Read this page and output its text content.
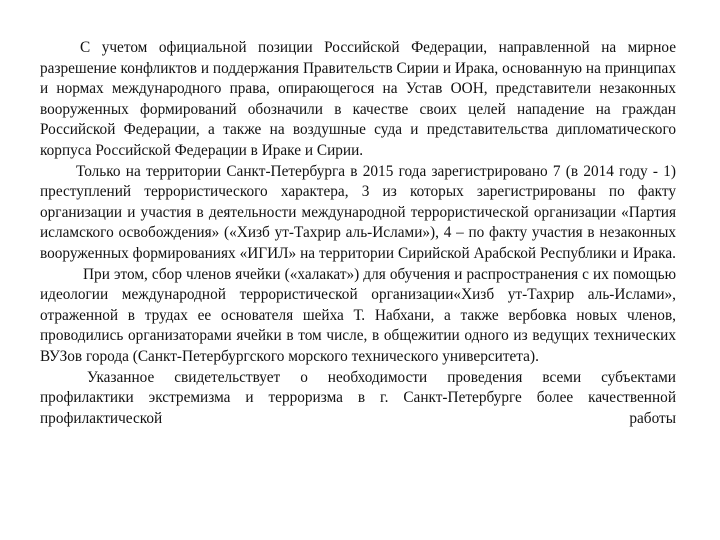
С учетом официальной позиции Российской Федерации, направленной на мирное разрешение конфликтов и поддержания Правительств Сирии и Ирака, основанную на принципах и нормах международного права, опирающегося на Устав ООН, представители незаконных вооруженных формирований обозначили в качестве своих целей нападение на граждан Российской Федерации, а также на воздушные суда и представительства дипломатического корпуса Российской Федерации в Ираке и Сирии.

Только на территории Санкт-Петербурга в 2015 года зарегистрировано 7 (в 2014 году - 1) преступлений террористического характера, 3 из которых зарегистрированы по факту организации и участия в деятельности международной террористической организации «Партия исламского освобождения» («Хизб ут-Тахрир аль-Ислами»), 4 – по факту участия в незаконных вооруженных формированиях «ИГИЛ» на территории Сирийской Арабской Республики и Ирака.

При этом, сбор членов ячейки («халакат») для обучения и распространения с их помощью идеологии международной террористической организации«Хизб ут-Тахрир аль-Ислами», отраженной в трудах ее основателя шейха Т. Набхани, а также вербовка новых членов, проводились организаторами ячейки в том числе, в общежитии одного из ведущих технических ВУЗов города (Санкт-Петербургского морского технического университета).

Указанное свидетельствует о необходимости проведения всеми субъектами профилактики экстремизма и терроризма в г. Санкт-Петербурге более качественной профилактической работы
